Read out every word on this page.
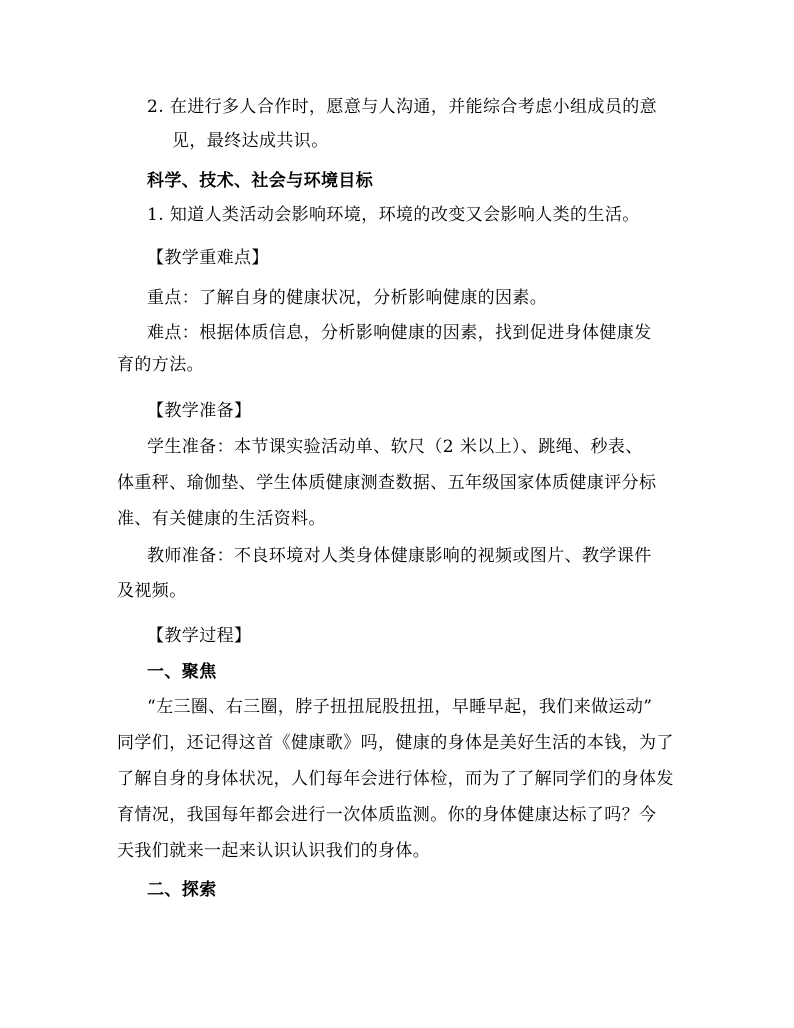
2. 在进行多人合作时，愿意与人沟通，并能综合考虑小组成员的意
见，最终达成共识。
科学、技术、社会与环境目标
1. 知道人类活动会影响环境，环境的改变又会影响人类的生活。
【教学重难点】
重点：了解自身的健康状况，分析影响健康的因素。
难点：根据体质信息，分析影响健康的因素，找到促进身体健康发
育的方法。
【教学准备】
学生准备：本节课实验活动单、软尺（2 米以上）、跳绳、秒表、
体重秤、瑜伽垫、学生体质健康测查数据、五年级国家体质健康评分标
准、有关健康的生活资料。
教师准备：不良环境对人类身体健康影响的视频或图片、教学课件
及视频。
【教学过程】
一、聚焦
“左三圈、右三圈，脖子扭扭屁股扭扭，早睡早起，我们来做运动”
同学们，还记得这首《健康歌》吗，健康的身体是美好生活的本钱，为了
了解自身的身体状况，人们每年会进行体检，而为了了解同学们的身体发
育情况，我国每年都会进行一次体质监测。你的身体健康达标了吗？今
天我们就来一起来认识认识我们的身体。
二、探索
